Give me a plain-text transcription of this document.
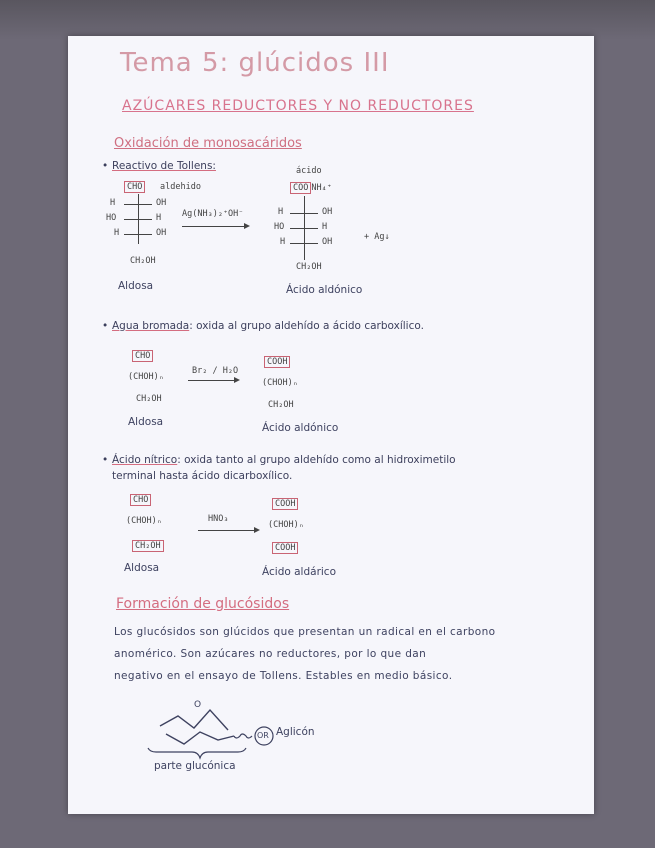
Tema 5: glúcidos III
AZÚCARES REDUCTORES Y NO REDUCTORES
Oxidación de monosacáridos
• Reactivo de Tollens:
CHO	aldehido
H	OH
HO	H
H	OH
CH₂OH
Aldosa
Ag(NH₃)₂⁺OH⁻
ácido
COO NH₄⁺
H	OH
HO	H
H	OH
CH₂OH
+ Ag↓
Ácido aldónico
• Agua bromada: oxida al grupo aldehído a ácido carboxílico.
CHO
(CHOH)ₙ
CH₂OH
Aldosa
Br₂ / H₂O
COOH
(CHOH)ₙ
CH₂OH
Ácido aldónico
• Ácido nítrico: oxida tanto al grupo aldehído como al hidroximetilo
terminal hasta ácido dicarboxílico.
CHO
(CHOH)ₙ
CH₂OH
Aldosa
HNO₃
COOH
(CHOH)ₙ
COOH
Ácido aldárico
Formación de glucósidos
Los glucósidos son glúcidos que presentan un radical en el carbono
anomérico. Son azúcares no reductores, por lo que dan
negativo en el ensayo de Tollens. Estables en medio básico.
O
OR Aglicón
parte glucónica
